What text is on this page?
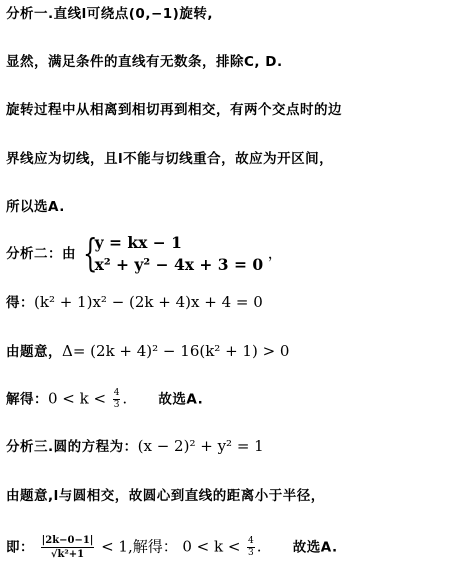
分析一.直线l可绕点(0,−1)旋转,
显然，满足条件的直线有无数条，排除C, D.
旋转过程中从相离到相切再到相交，有两个交点时的边
界线应为切线，且l不能与切线重合，故应为开区间，
所以选A.
分析二：由 {
y = kx − 1
x² + y² − 4x + 3 = 0
，
得：(k² + 1)x² − (2k + 4)x + 4 = 0
由题意，Δ= (2k + 4)² − 16(k² + 1) > 0
解得：$0 < k < \frac{4}{3}$ . 故选A.
分析三.圆的方程为：(x − 2)² + y² = 1
由题意,l与圆相交，故圆心到直线的距离小于半径，
即： $\frac{|2k-0-1|}{\text{√k²+1}} < 1$,解得： $0 < k < \frac{4}{3}$ . 故选A.
